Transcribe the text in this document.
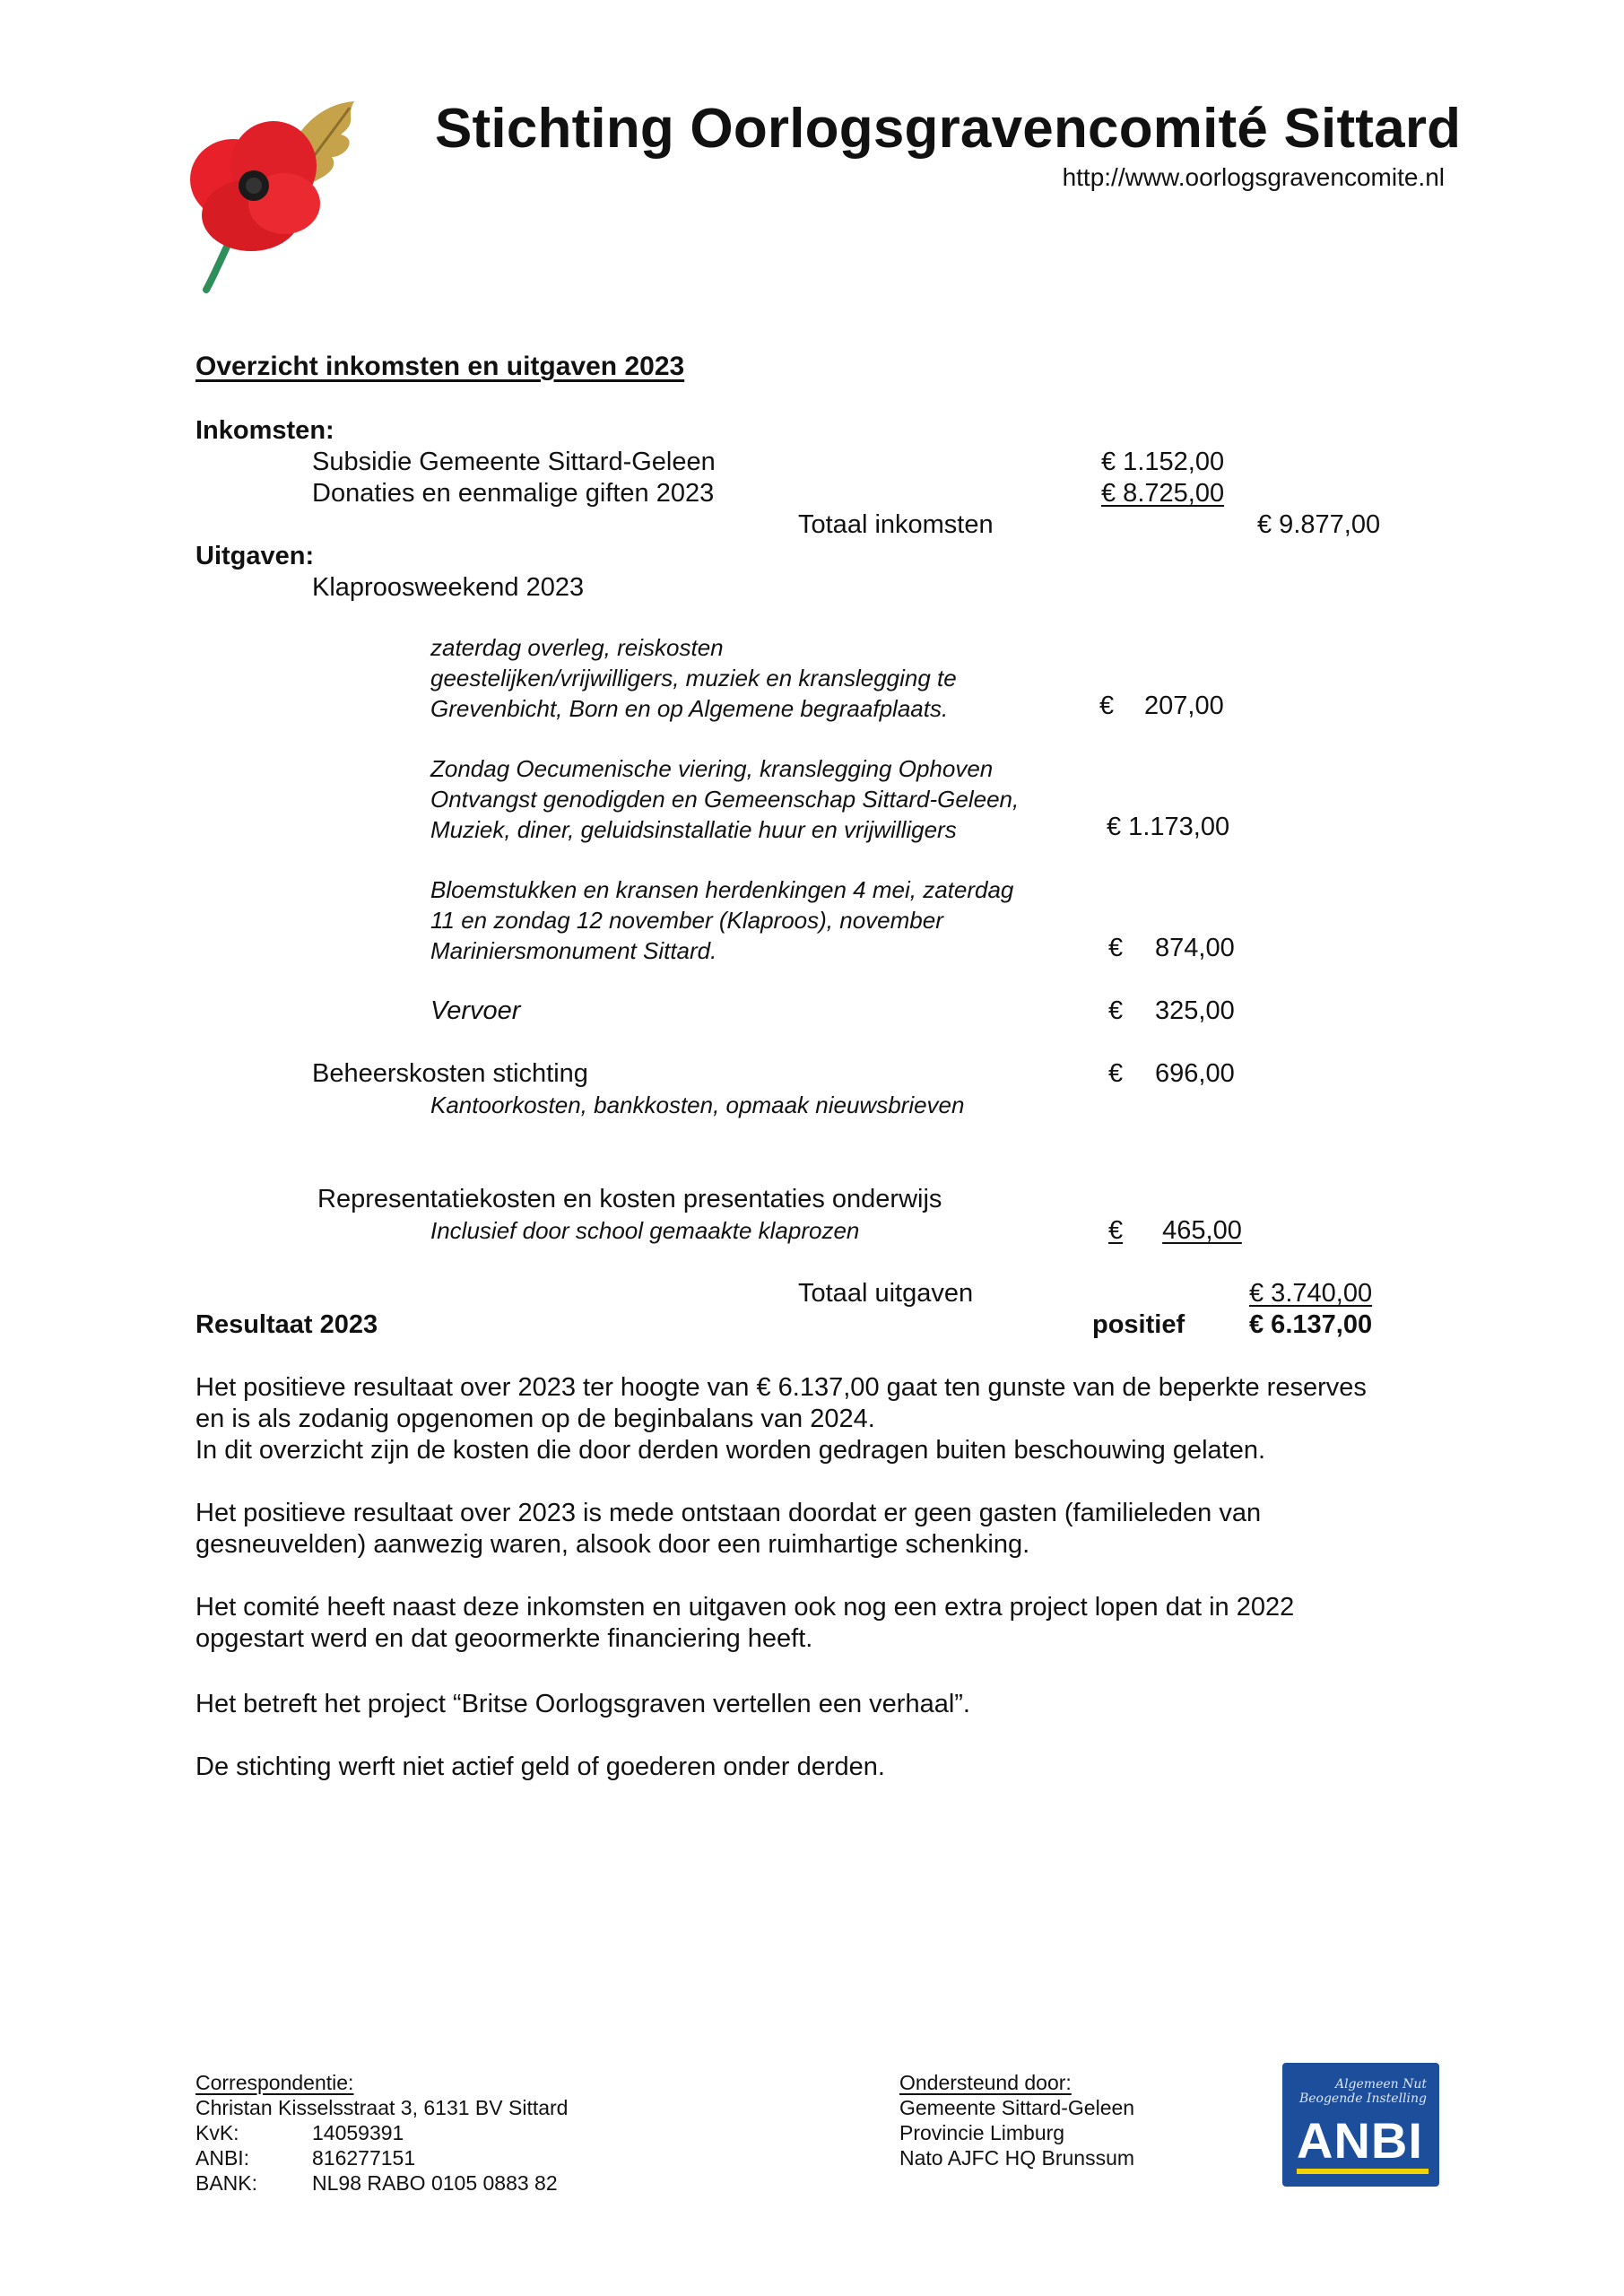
Stichting Oorlogsgravencomité Sittard
http://www.oorlogsgravencomite.nl
Overzicht inkomsten en uitgaven 2023
Inkomsten:
Subsidie Gemeente Sittard-Geleen	€ 1.152,00
Donaties en eenmalige giften 2023	€ 8.725,00
Totaal inkomsten	€ 9.877,00
Uitgaven:
Klaproosweekend 2023
zaterdag overleg, reiskosten
geestelijken/vrijwilligers, muziek en kranslegging te
Grevenbicht, Born en op Algemene begraafplaats.	€ 207,00
Zondag Oecumenische viering, kranslegging Ophoven
Ontvangst genodigden en Gemeenschap Sittard-Geleen,
Muziek, diner, geluidsinstallatie huur en vrijwilligers	€ 1.173,00
Bloemstukken en kransen herdenkingen 4 mei, zaterdag
11 en zondag 12 november (Klaproos), november
Mariniersmonument Sittard.	€ 874,00
Vervoer	€ 325,00
Beheerskosten stichting	€ 696,00
Kantoorkosten, bankkosten, opmaak nieuwsbrieven
Representatiekosten en kosten presentaties onderwijs
Inclusief door school gemaakte klaprozen	€ 465,00
Totaal uitgaven	€ 3.740,00
Resultaat 2023	positief € 6.137,00
Het positieve resultaat over 2023 ter hoogte van € 6.137,00 gaat ten gunste van de beperkte reserves
en is als zodanig opgenomen op de beginbalans van 2024.
In dit overzicht zijn de kosten die door derden worden gedragen buiten beschouwing gelaten.
Het positieve resultaat over 2023 is mede ontstaan doordat er geen gasten (familieleden van
gesneuvelden) aanwezig waren, alsook door een ruimhartige schenking.
Het comité heeft naast deze inkomsten en uitgaven ook nog een extra project lopen dat in 2022
opgestart werd en dat geoormerkte financiering heeft.
Het betreft het project “Britse Oorlogsgraven vertellen een verhaal”.
De stichting werft niet actief geld of goederen onder derden.
Correspondentie:
Christan Kisselsstraat 3, 6131 BV Sittard
KvK:	14059391
ANBI:	816277151
BANK:	NL98 RABO 0105 0883 82
Ondersteund door:
Gemeente Sittard-Geleen
Provincie Limburg
Nato AJFC HQ Brunssum
Algemeen Nut
Beogende Instelling
ANBI
